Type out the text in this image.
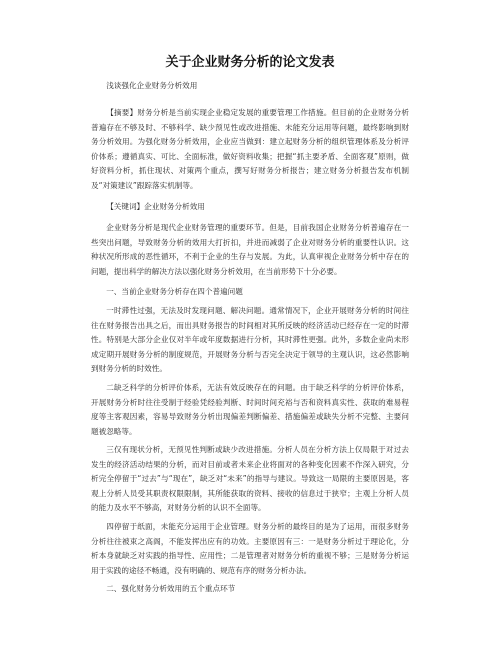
关于企业财务分析的论文发表

浅谈强化企业财务分析效用

【摘要】财务分析是当前实现企业稳定发展的重要管理工作措施。但目前的企业财务分析普遍存在不够及时、不够科学、缺少预见性或改进措施、未能充分运用等问题，最终影响到财务分析效用。为强化财务分析效用，企业应当做到：建立起财务分析的组织管理体系及分析评价体系；遵循真实、可比、全面标准，做好资料收集；把握“抓主要矛盾、全面客观”原则，做好资料分析，抓住现状、对策两个重点，撰写好财务分析报告；建立财务分析报告发布机制及“对策建议”跟踪落实机制等。

【关键词】企业财务分析效用

企业财务分析是现代企业财务管理的重要环节。但是，目前我国企业财务分析普遍存在一些突出问题，导致财务分析的效用大打折扣，并进而减弱了企业对财务分析的重要性认识。这种状况所形成的恶性循环，不利于企业的生存与发展。为此，认真审视企业财务分析中存在的问题，提出科学的解决方法以强化财务分析效用，在当前形势下十分必要。

一、当前企业财务分析存在四个普遍问题

一时滞性过强，无法及时发现问题、解决问题。通常情况下，企业开展财务分析的时间往往在财务报告出具之后，而出具财务报告的时间相对其所反映的经济活动已经存在一定的时滞性。特别是大部分企业仅对半年或年度数据进行分析，其时滞性更强。此外，多数企业尚未形成定期开展财务分析的制度规范，开展财务分析与否完全决定于领导的主观认识，这必然影响到财务分析的时效性。

二缺乏科学的分析评价体系，无法有效反映存在的问题。由于缺乏科学的分析评价体系，开展财务分析时往往受制于经验凭经验判断、时间时间充裕与否和资料真实性、获取的难易程度等主客观因素，容易导致财务分析出现偏差判断偏差、措施偏差或缺失分析不完整、主要问题被忽略等。

三仅有现状分析，无预见性判断或缺少改进措施。分析人员在分析方法上仅局限于对过去发生的经济活动结果的分析，而对目前或者未来企业将面对的各种变化因素不作深入研究，分析完全停留于“过去”与“现在”，缺乏对“未来”的指导与建议。导致这一局限的主要原因是，客观上分析人员受其职责权限限制，其所能获取的资料、接收的信息过于狭窄；主观上分析人员的能力及水平不够高，对财务分析的认识不全面等。

四停留于纸面，未能充分运用于企业管理。财务分析的最终目的是为了运用，而很多财务分析往往被束之高阁，不能发挥出应有的功效。主要原因有三：一是财务分析过于理论化，分析本身就缺乏对实践的指导性、应用性；二是管理者对财务分析的重视不够；三是财务分析运用于实践的途径不畅通，没有明确的、规范有序的财务分析办法。

二、强化财务分析效用的五个重点环节
